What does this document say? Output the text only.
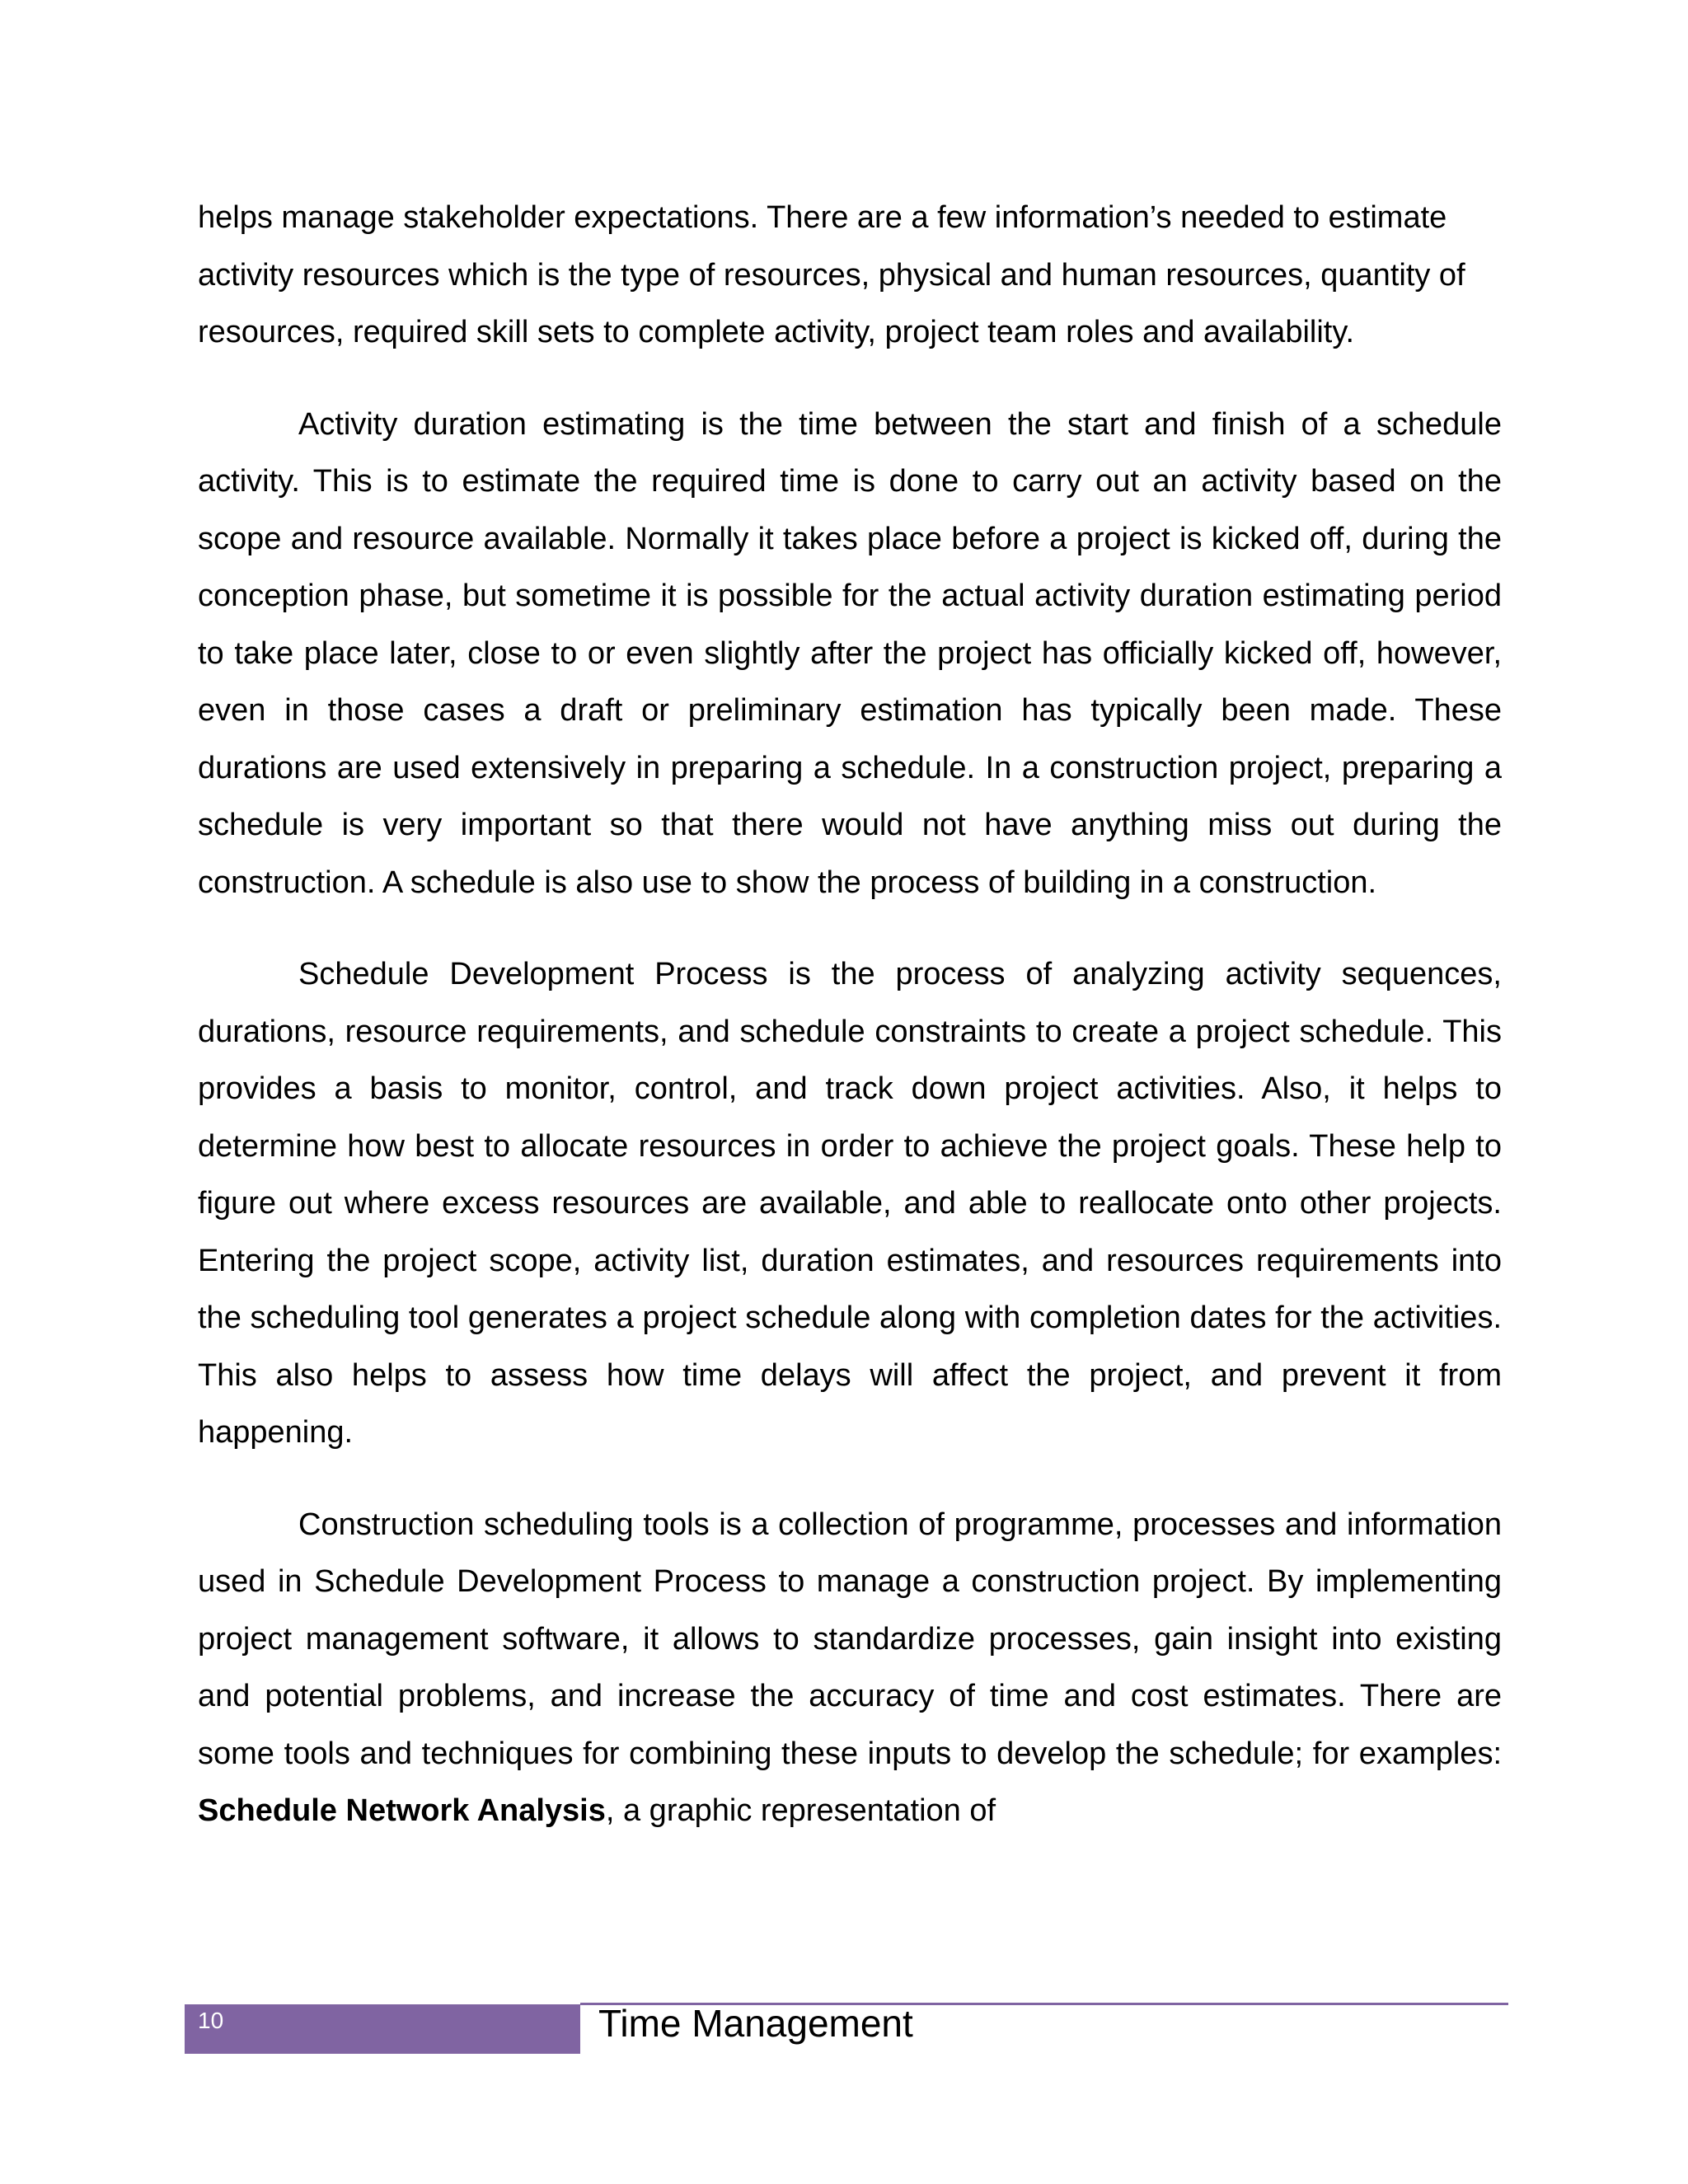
helps manage stakeholder expectations. There are a few information’s needed to estimate activity resources which is the type of resources, physical and human resources, quantity of resources, required skill sets to complete activity, project team roles and availability.

Activity duration estimating is the time between the start and finish of a schedule activity. This is to estimate the required time is done to carry out an activity based on the scope and resource available. Normally it takes place before a project is kicked off, during the conception phase, but sometime it is possible for the actual activity duration estimating period to take place later, close to or even slightly after the project has officially kicked off, however, even in those cases a draft or preliminary estimation has typically been made. These durations are used extensively in preparing a schedule. In a construction project, preparing a schedule is very important so that there would not have anything miss out during the construction. A schedule is also use to show the process of building in a construction.

Schedule Development Process is the process of analyzing activity sequences, durations, resource requirements, and schedule constraints to create a project schedule. This provides a basis to monitor, control, and track down project activities. Also, it helps to determine how best to allocate resources in order to achieve the project goals. These help to figure out where excess resources are available, and able to reallocate onto other projects. Entering the project scope, activity list, duration estimates, and resources requirements into the scheduling tool generates a project schedule along with completion dates for the activities. This also helps to assess how time delays will affect the project, and prevent it from happening.

Construction scheduling tools is a collection of programme, processes and information used in Schedule Development Process to manage a construction project. By implementing project management software, it allows to standardize processes, gain insight into existing and potential problems, and increase the accuracy of time and cost estimates. There are some tools and techniques for combining these inputs to develop the schedule; for examples: Schedule Network Analysis, a graphic representation of

10	Time Management
